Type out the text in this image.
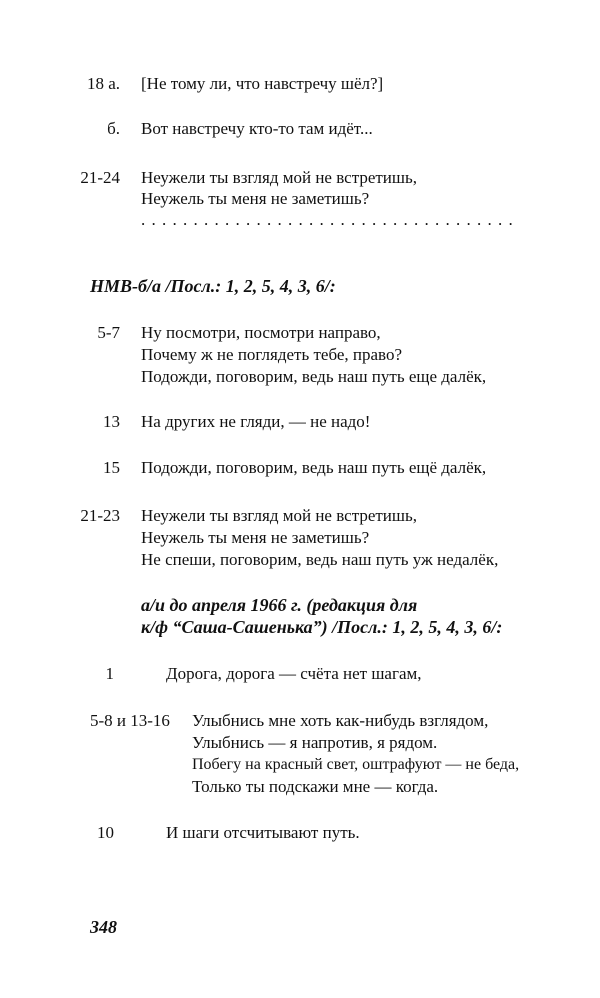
18 а. [Не тому ли, что навстречу шёл?]
б. Вот навстречу кто-то там идёт...
21-24 Неужели ты взгляд мой не встретишь,
Неужель ты меня не заметишь?
. . . . . . . . . . . . . . . . . . . . . . . . . . . . . . . . . . . .
НМВ-б/а /Посл.: 1, 2, 5, 4, 3, 6/:
5-7 Ну посмотри, посмотри направо,
Почему ж не поглядеть тебе, право?
Подожди, поговорим, ведь наш путь еще далёк,
13 На других не гляди, — не надо!
15 Подожди, поговорим, ведь наш путь ещё далёк,
21-23 Неужели ты взгляд мой не встретишь,
Неужель ты меня не заметишь?
Не спеши, поговорим, ведь наш путь уж недалёк,
а/и до апреля 1966 г. (редакция для
к/ф “Саша-Сашенька”) /Посл.: 1, 2, 5, 4, 3, 6/:
1	Дорога, дорога — счёта нет шагам,
5-8 и 13-16 Улыбнись мне хоть как-нибудь взглядом,
Улыбнись — я напротив, я рядом.
Побегу на красный свет, оштрафуют — не беда,
Только ты подскажи мне — когда.
10	И шаги отсчитывают путь.
348
